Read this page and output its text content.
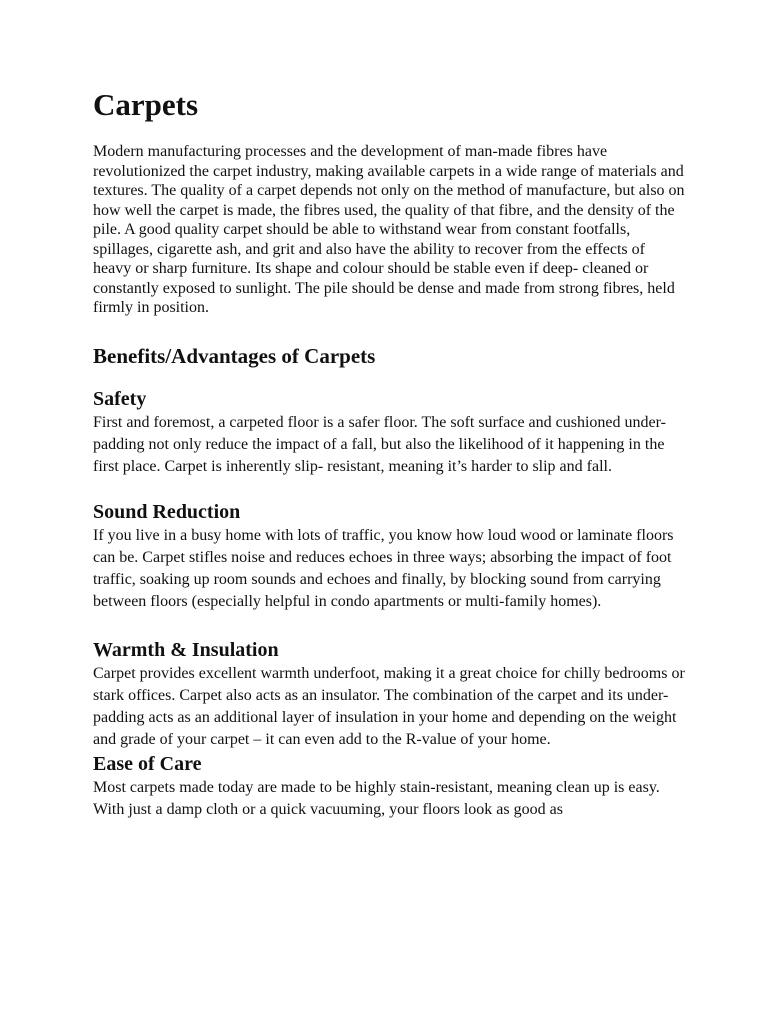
Carpets

Modern manufacturing processes and the development of man-made fibres have revolutionized the carpet industry, making available carpets in a wide range of materials and textures. The quality of a carpet depends not only on the method of manufacture, but also on how well the carpet is made, the fibres used, the quality of that fibre, and the density of the pile. A good quality carpet should be able to withstand wear from constant footfalls, spillages, cigarette ash, and grit and also have the ability to recover from the effects of heavy or sharp furniture. Its shape and colour should be stable even if deep- cleaned or constantly exposed to sunlight. The pile should be dense and made from strong fibres, held firmly in position.

Benefits/Advantages of Carpets
Safety

First and foremost, a carpeted floor is a safer floor. The soft surface and cushioned under-padding not only reduce the impact of a fall, but also the likelihood of it happening in the first place. Carpet is inherently slip- resistant, meaning it’s harder to slip and fall.

Sound Reduction

If you live in a busy home with lots of traffic, you know how loud wood or laminate floors can be. Carpet stifles noise and reduces echoes in three ways; absorbing the impact of foot traffic, soaking up room sounds and echoes and finally, by blocking sound from carrying between floors (especially helpful in condo apartments or multi-family homes).

Warmth & Insulation

Carpet provides excellent warmth underfoot, making it a great choice for chilly bedrooms or stark offices. Carpet also acts as an insulator. The combination of the carpet and its under-padding acts as an additional layer of insulation in your home and depending on the weight and grade of your carpet – it can even add to the R-value of your home.

Ease of Care

Most carpets made today are made to be highly stain-resistant, meaning clean up is easy. With just a damp cloth or a quick vacuuming, your floors look as good as
